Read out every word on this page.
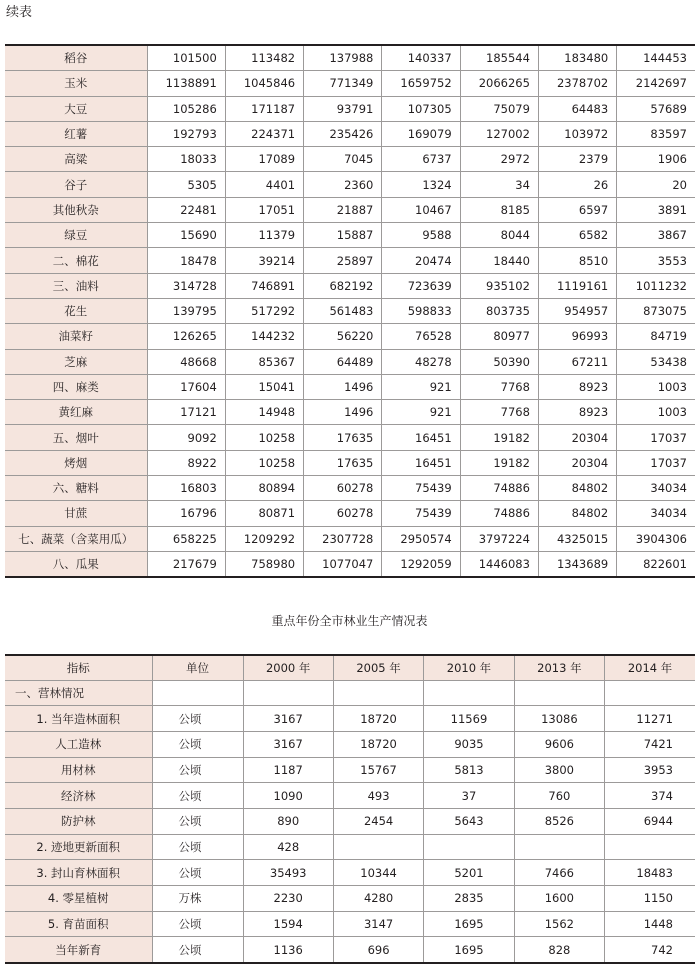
续表
稻谷	101500	113482	137988	140337	185544	183480	144453
玉米	1138891	1045846	771349	1659752	2066265	2378702	2142697
大豆	105286	171187	93791	107305	75079	64483	57689
红薯	192793	224371	235426	169079	127002	103972	83597
高粱	18033	17089	7045	6737	2972	2379	1906
谷子	5305	4401	2360	1324	34	26	20
其他秋杂	22481	17051	21887	10467	8185	6597	3891
绿豆	15690	11379	15887	9588	8044	6582	3867
二、棉花	18478	39214	25897	20474	18440	8510	3553
三、油料	314728	746891	682192	723639	935102	1119161	1011232
花生	139795	517292	561483	598833	803735	954957	873075
油菜籽	126265	144232	56220	76528	80977	96993	84719
芝麻	48668	85367	64489	48278	50390	67211	53438
四、麻类	17604	15041	1496	921	7768	8923	1003
黄红麻	17121	14948	1496	921	7768	8923	1003
五、烟叶	9092	10258	17635	16451	19182	20304	17037
烤烟	8922	10258	17635	16451	19182	20304	17037
六、糖料	16803	80894	60278	75439	74886	84802	34034
甘蔗	16796	80871	60278	75439	74886	84802	34034
七、蔬菜（含菜用瓜）	658225	1209292	2307728	2950574	3797224	4325015	3904306
八、瓜果	217679	758980	1077047	1292059	1446083	1343689	822601
重点年份全市林业生产情况表
指标	单位	2000 年	2005 年	2010 年	2013 年	2014 年
一、营林情况						
1. 当年造林面积	公顷	3167	18720	11569	13086	11271
人工造林	公顷	3167	18720	9035	9606	7421
用材林	公顷	1187	15767	5813	3800	3953
经济林	公顷	1090	493	37	760	374
防护林	公顷	890	2454	5643	8526	6944
2. 迹地更新面积	公顷	428				
3. 封山育林面积	公顷	35493	10344	5201	7466	18483
4. 零星植树	万株	2230	4280	2835	1600	1150
5. 育苗面积	公顷	1594	3147	1695	1562	1448
当年新育	公顷	1136	696	1695	828	742
